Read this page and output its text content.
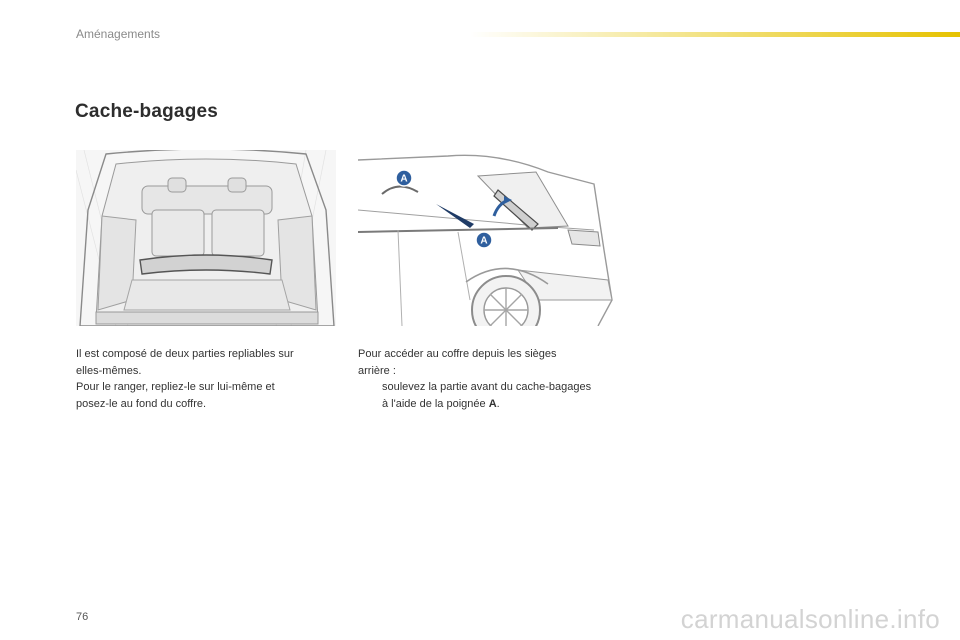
Aménagements
Cache-bagages
A
A

Il est composé de deux parties repliables sur

elles-mêmes.

Pour le ranger, repliez-le sur lui-même et

posez-le au fond du coffre.

Pour accéder au coffre depuis les sièges

arrière :

soulevez la partie avant du cache-bagages
à l'aide de la poignée A.
76	carmanualsonline.info
